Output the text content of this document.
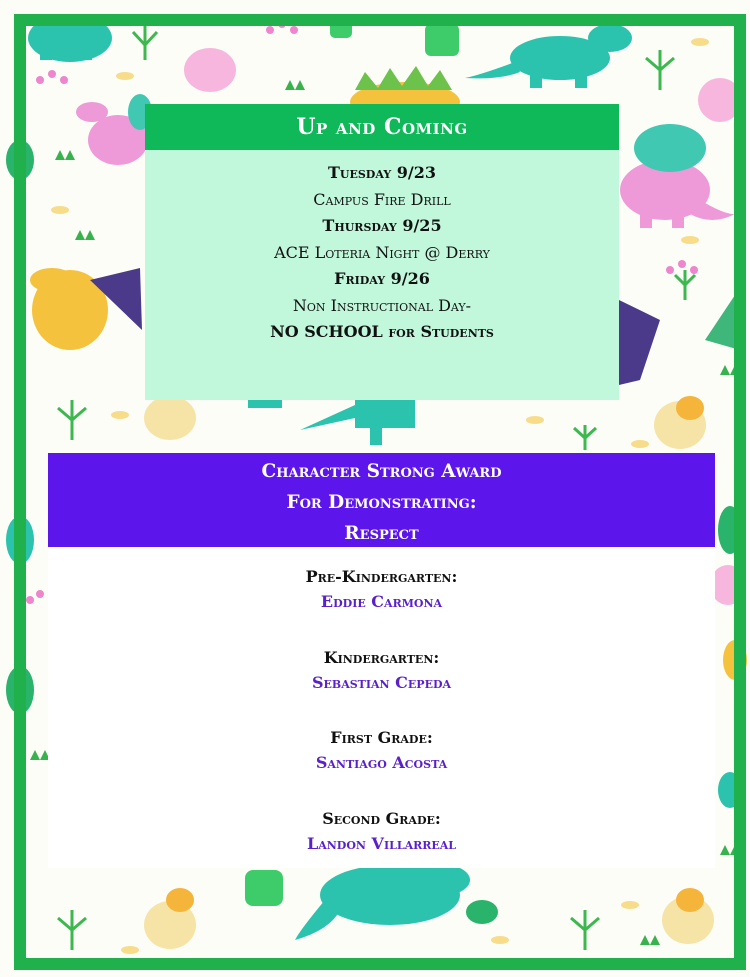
Up and Coming
Tuesday 9/23
Campus Fire Drill
Thursday 9/25
ACE Loteria Night @ Derry
Friday 9/26
Non Instructional Day-
NO SCHOOL for Students
Character Strong Award
For Demonstrating:
Respect
Pre-Kindergarten:
Eddie Carmona
Kindergarten:
Sebastian Cepeda
First Grade:
Santiago Acosta
Second Grade:
Landon Villarreal
